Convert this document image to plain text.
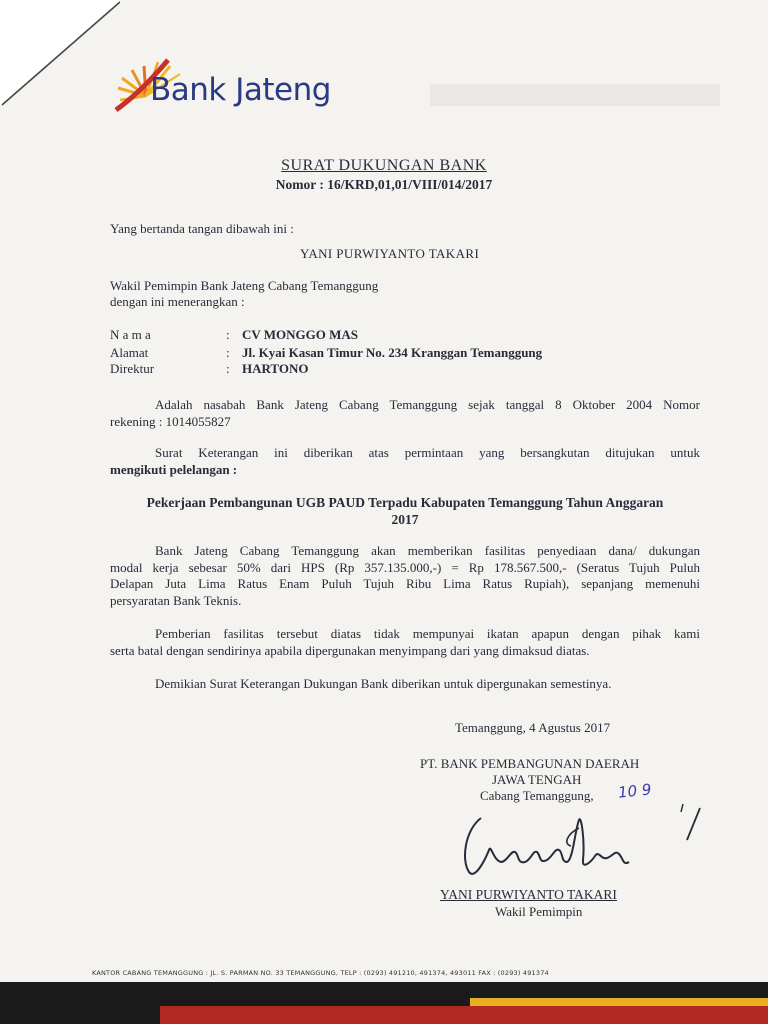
Bank Jateng
SURAT DUKUNGAN BANK
Nomor : 16/KRD,01,01/VIII/014/2017
Yang bertanda tangan dibawah ini :
YANI PURWIYANTO TAKARI
Wakil Pemimpin Bank Jateng Cabang Temanggung
dengan ini menerangkan :
N a m a	: CV MONGGO MAS
Alamat	: Jl. Kyai Kasan Timur No. 234 Kranggan Temanggung
Direktur	: HARTONO
Adalah nasabah Bank Jateng Cabang Temanggung sejak tanggal 8 Oktober 2004 Nomor
rekening : 1014055827
Surat Keterangan ini diberikan atas permintaan yang bersangkutan ditujukan untuk
mengikuti pelelangan :
Pekerjaan Pembangunan UGB PAUD Terpadu Kabupaten Temanggung Tahun Anggaran
2017
Bank Jateng Cabang Temanggung akan memberikan fasilitas penyediaan dana/ dukungan
modal kerja sebesar 50% dari HPS (Rp 357.135.000,-) = Rp 178.567.500,- (Seratus Tujuh Puluh
Delapan Juta Lima Ratus Enam Puluh Tujuh Ribu Lima Ratus Rupiah), sepanjang memenuhi
persyaratan Bank Teknis.
Pemberian fasilitas tersebut diatas tidak mempunyai ikatan apapun dengan pihak kami
serta batal dengan sendirinya apabila dipergunakan menyimpang dari yang dimaksud diatas.
Demikian Surat Keterangan Dukungan Bank diberikan untuk dipergunakan semestinya.
Temanggung, 4 Agustus 2017
PT. BANK PEMBANGUNAN DAERAH
JAWA TENGAH
Cabang Temanggung, 10 9
YANI PURWIYANTO TAKARI
Wakil Pemimpin
KANTOR CABANG TEMANGGUNG : JL. S. PARMAN NO. 33 TEMANGGUNG, TELP : (0293) 491210, 491374, 493011 FAX : (0293) 491374
